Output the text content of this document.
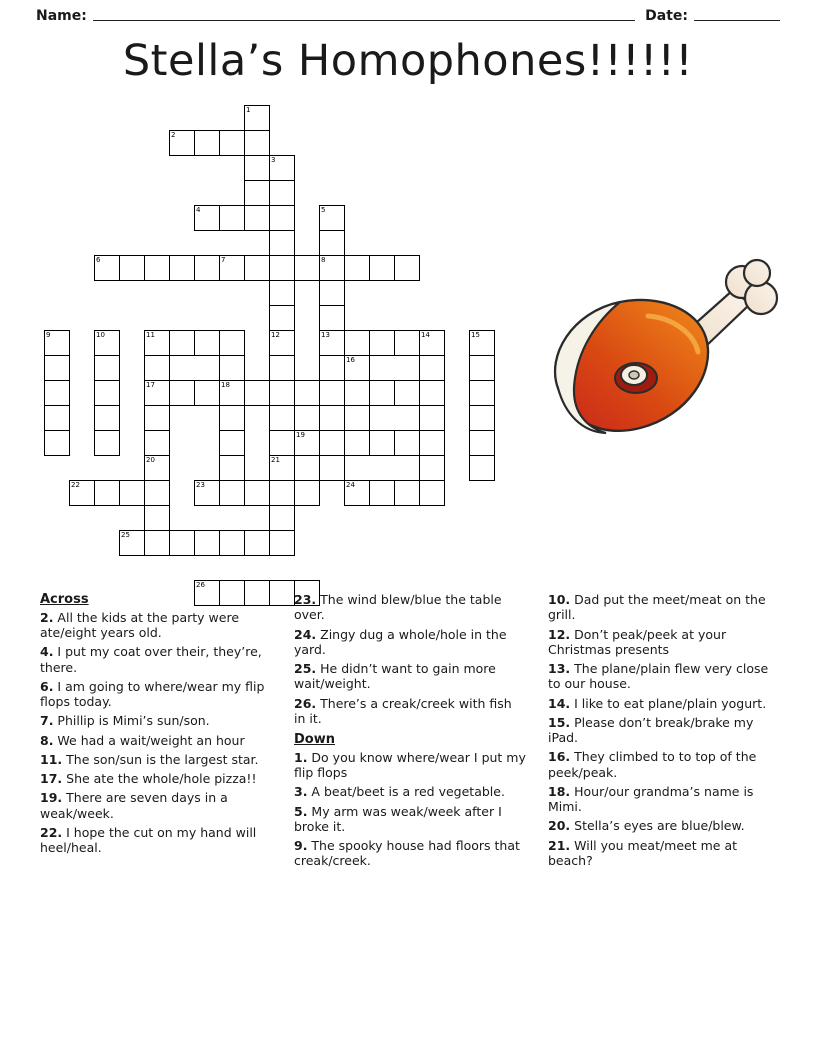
Name:	Date:
Stella’s Homophones!!!!!!
1
2
3
4	5
6	7	8
9	10	11	12	13	14	15
16
17	18
19
20	21
22	23	24
25
26
Across

2. All the kids at the party were ate/eight years old.

4. I put my coat over their, they’re, there.

6. I am going to where/wear my flip flops today.

7. Phillip is Mimi’s sun/son.

8. We had a wait/weight an hour

11. The son/sun is the largest star.

17. She ate the whole/hole pizza!!

19. There are seven days in a weak/week.

22. I hope the cut on my hand will heel/heal.

23. The wind blew/blue the table over.

24. Zingy dug a whole/hole in the yard.

25. He didn’t want to gain more wait/weight.

26. There’s a creak/creek with fish in it.

Down

1. Do you know where/wear I put my flip flops

3. A beat/beet is a red vegetable.

5. My arm was weak/week after I broke it.

9. The spooky house had floors that creak/creek.

10. Dad put the meet/meat on the grill.

12. Don’t peak/peek at your Christmas presents

13. The plane/plain flew very close to our house.

14. I like to eat plane/plain yogurt.

15. Please don’t break/brake my iPad.

16. They climbed to to top of the peek/peak.

18. Hour/our grandma’s name is Mimi.

20. Stella’s eyes are blue/blew.

21. Will you meat/meet me at beach?
